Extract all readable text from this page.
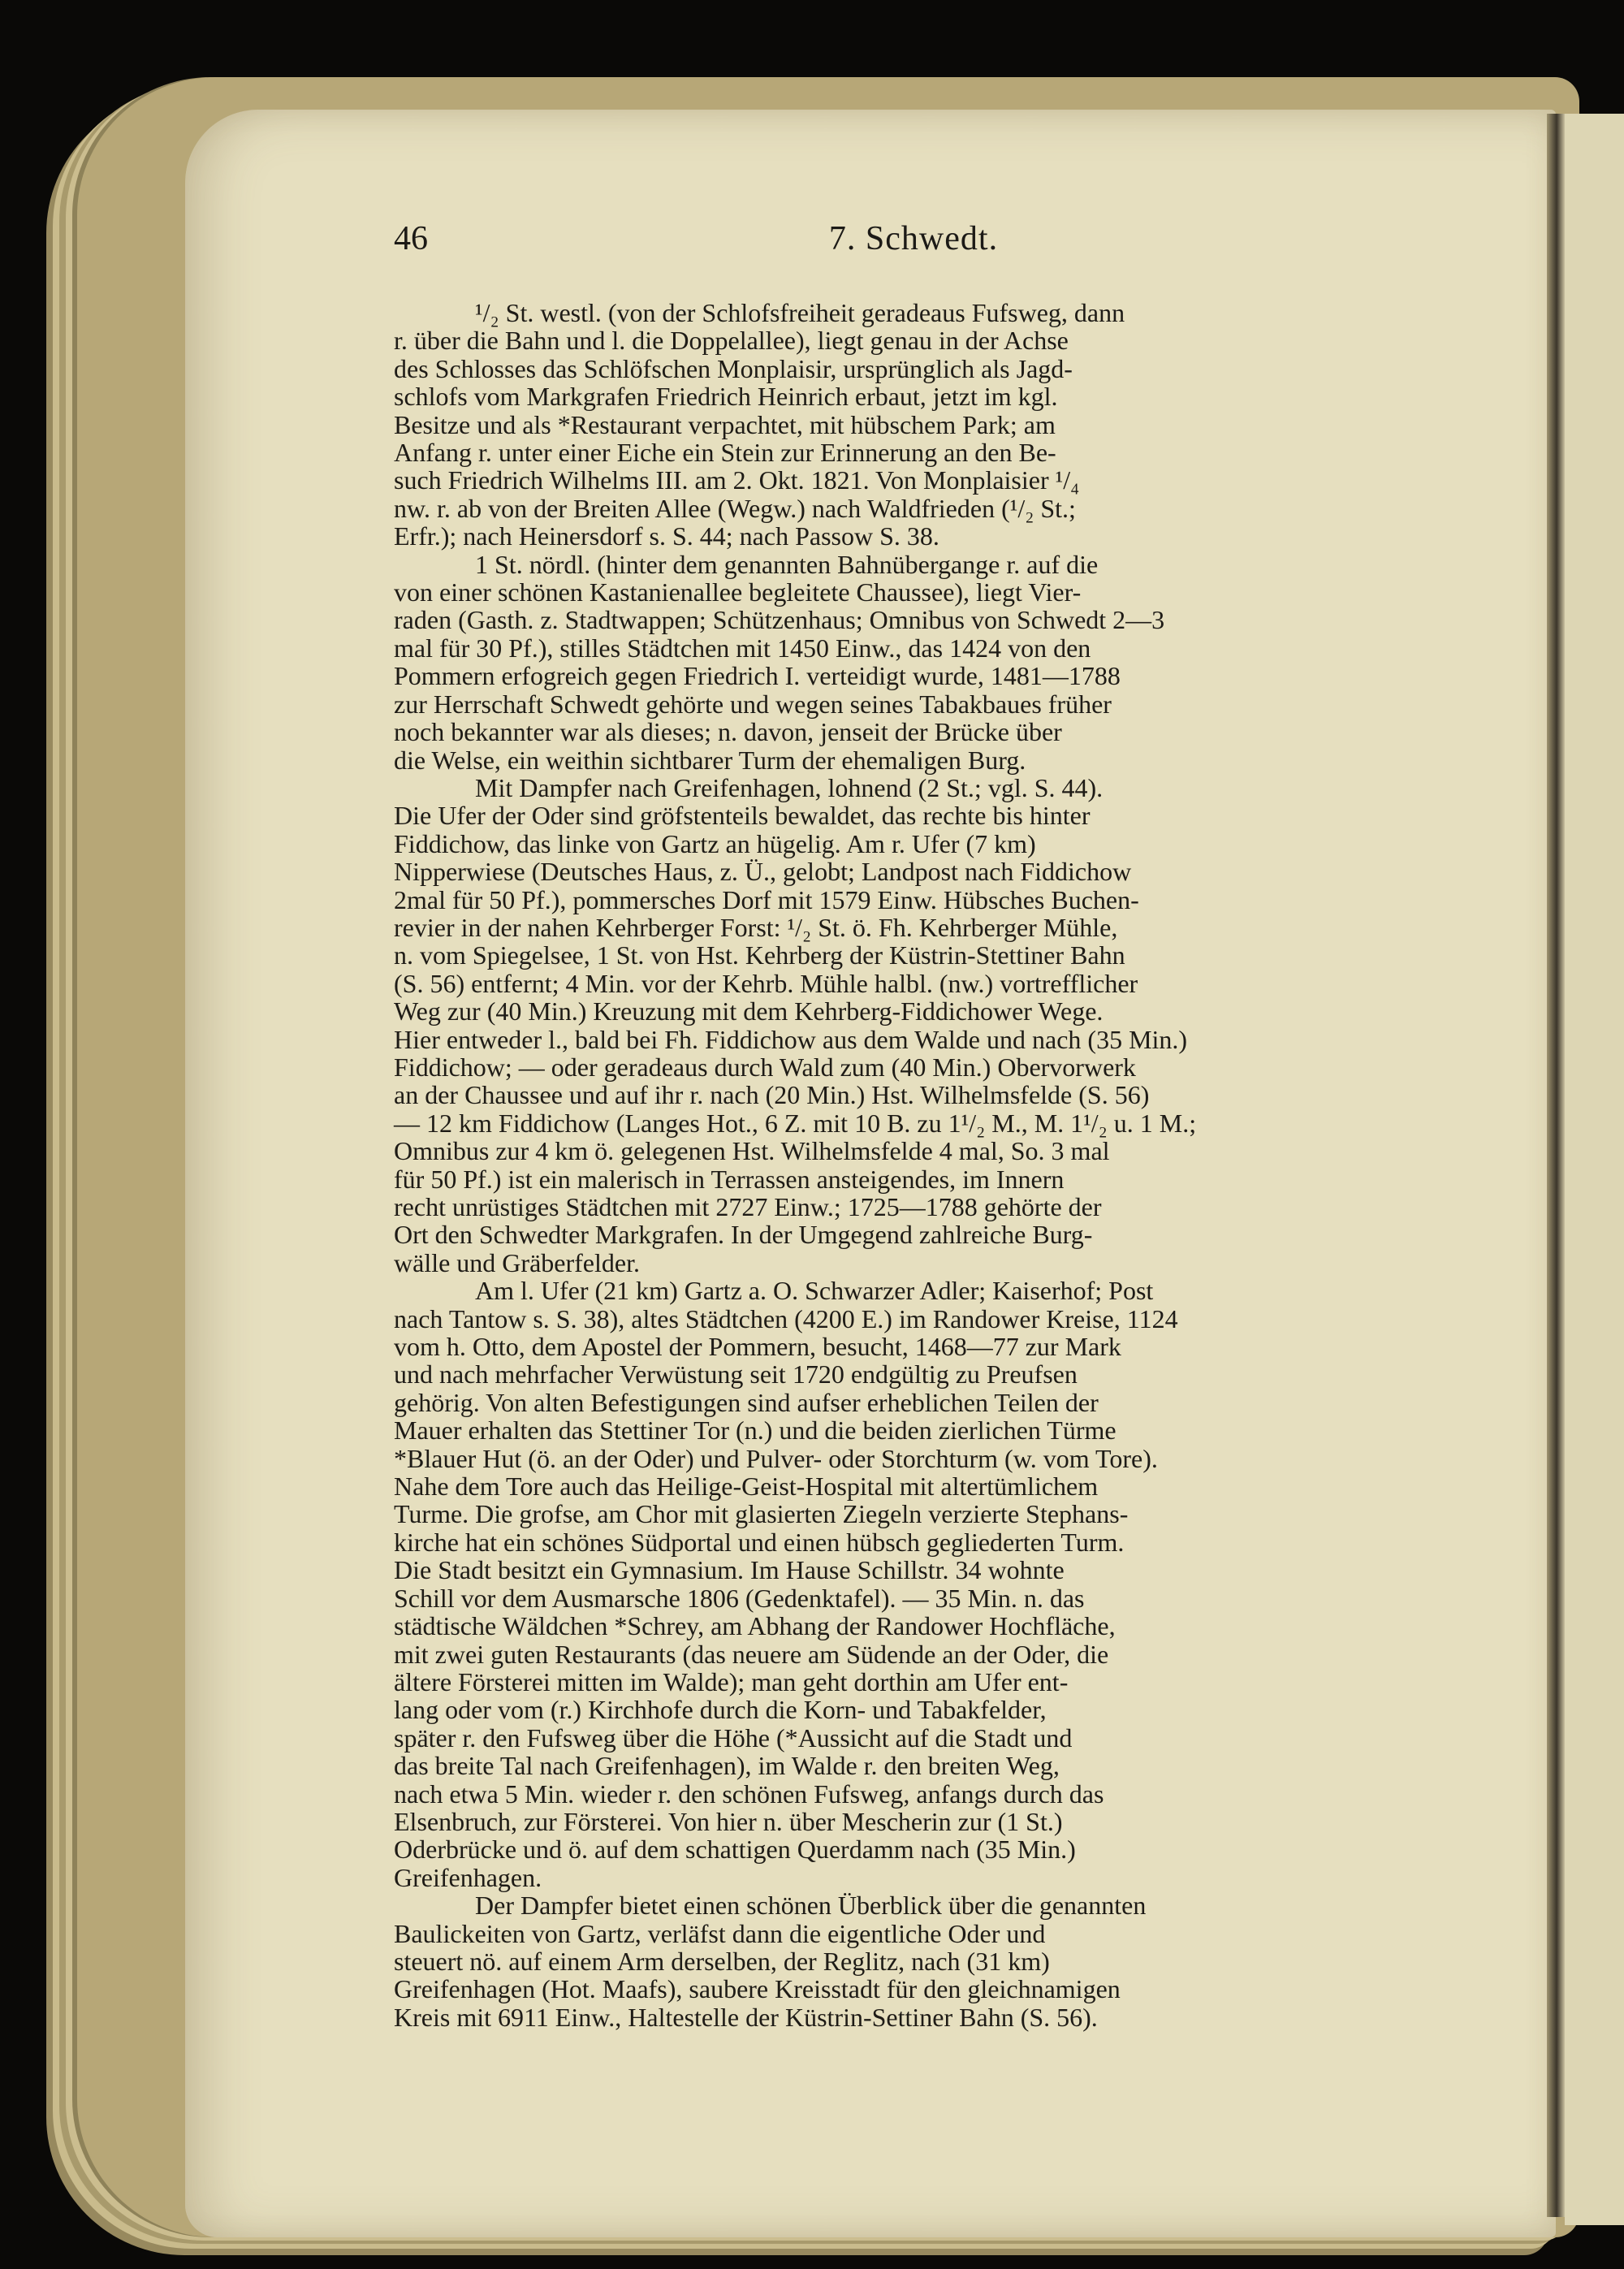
46	7. Schwedt.
¹/₂ St. westl. (von der Schlofsfreiheit geradeaus Fufsweg, dann
r. über die Bahn und l. die Doppelallee), liegt genau in der Achse
des Schlosses das Schlöfschen Monplaisir, ursprünglich als Jagd-
schlofs vom Markgrafen Friedrich Heinrich erbaut, jetzt im kgl.
Besitze und als *Restaurant verpachtet, mit hübschem Park; am
Anfang r. unter einer Eiche ein Stein zur Erinnerung an den Be-
such Friedrich Wilhelms III. am 2. Okt. 1821. Von Monplaisier ¹/₄
nw. r. ab von der Breiten Allee (Wegw.) nach Waldfrieden (¹/₂ St.;
Erfr.); nach Heinersdorf s. S. 44; nach Passow S. 38.
1 St. nördl. (hinter dem genannten Bahnübergange r. auf die
von einer schönen Kastanienallee begleitete Chaussee), liegt Vier-
raden (Gasth. z. Stadtwappen; Schützenhaus; Omnibus von Schwedt 2—3
mal für 30 Pf.), stilles Städtchen mit 1450 Einw., das 1424 von den
Pommern erfogreich gegen Friedrich I. verteidigt wurde, 1481—1788
zur Herrschaft Schwedt gehörte und wegen seines Tabakbaues früher
noch bekannter war als dieses; n. davon, jenseit der Brücke über
die Welse, ein weithin sichtbarer Turm der ehemaligen Burg.
Mit Dampfer nach Greifenhagen, lohnend (2 St.; vgl. S. 44).
Die Ufer der Oder sind gröfstenteils bewaldet, das rechte bis hinter
Fiddichow, das linke von Gartz an hügelig. Am r. Ufer (7 km)
Nipperwiese (Deutsches Haus, z. Ü., gelobt; Landpost nach Fiddichow
2mal für 50 Pf.), pommersches Dorf mit 1579 Einw. Hübsches Buchen-
revier in der nahen Kehrberger Forst: ¹/₂ St. ö. Fh. Kehrberger Mühle,
n. vom Spiegelsee, 1 St. von Hst. Kehrberg der Küstrin-Stettiner Bahn
(S. 56) entfernt; 4 Min. vor der Kehrb. Mühle halbl. (nw.) vortrefflicher
Weg zur (40 Min.) Kreuzung mit dem Kehrberg-Fiddichower Wege.
Hier entweder l., bald bei Fh. Fiddichow aus dem Walde und nach (35 Min.)
Fiddichow; — oder geradeaus durch Wald zum (40 Min.) Obervorwerk
an der Chaussee und auf ihr r. nach (20 Min.) Hst. Wilhelmsfelde (S. 56)
— 12 km Fiddichow (Langes Hot., 6 Z. mit 10 B. zu 1¹/₂ M., M. 1¹/₂ u. 1 M.;
Omnibus zur 4 km ö. gelegenen Hst. Wilhelmsfelde 4 mal, So. 3 mal
für 50 Pf.) ist ein malerisch in Terrassen ansteigendes, im Innern
recht unrüstiges Städtchen mit 2727 Einw.; 1725—1788 gehörte der
Ort den Schwedter Markgrafen. In der Umgegend zahlreiche Burg-
wälle und Gräberfelder.
Am l. Ufer (21 km) Gartz a. O. Schwarzer Adler; Kaiserhof; Post
nach Tantow s. S. 38), altes Städtchen (4200 E.) im Randower Kreise, 1124
vom h. Otto, dem Apostel der Pommern, besucht, 1468—77 zur Mark
und nach mehrfacher Verwüstung seit 1720 endgültig zu Preufsen
gehörig. Von alten Befestigungen sind aufser erheblichen Teilen der
Mauer erhalten das Stettiner Tor (n.) und die beiden zierlichen Türme
*Blauer Hut (ö. an der Oder) und Pulver- oder Storchturm (w. vom Tore).
Nahe dem Tore auch das Heilige-Geist-Hospital mit altertümlichem
Turme. Die grofse, am Chor mit glasierten Ziegeln verzierte Stephans-
kirche hat ein schönes Südportal und einen hübsch gegliederten Turm.
Die Stadt besitzt ein Gymnasium. Im Hause Schillstr. 34 wohnte
Schill vor dem Ausmarsche 1806 (Gedenktafel). — 35 Min. n. das
städtische Wäldchen *Schrey, am Abhang der Randower Hochfläche,
mit zwei guten Restaurants (das neuere am Südende an der Oder, die
ältere Försterei mitten im Walde); man geht dorthin am Ufer ent-
lang oder vom (r.) Kirchhofe durch die Korn- und Tabakfelder,
später r. den Fufsweg über die Höhe (*Aussicht auf die Stadt und
das breite Tal nach Greifenhagen), im Walde r. den breiten Weg,
nach etwa 5 Min. wieder r. den schönen Fufsweg, anfangs durch das
Elsenbruch, zur Försterei. Von hier n. über Mescherin zur (1 St.)
Oderbrücke und ö. auf dem schattigen Querdamm nach (35 Min.)
Greifenhagen.
Der Dampfer bietet einen schönen Überblick über die genannten
Baulickeiten von Gartz, verläfst dann die eigentliche Oder und
steuert nö. auf einem Arm derselben, der Reglitz, nach (31 km)
Greifenhagen (Hot. Maafs), saubere Kreisstadt für den gleichnamigen
Kreis mit 6911 Einw., Haltestelle der Küstrin-Settiner Bahn (S. 56).
